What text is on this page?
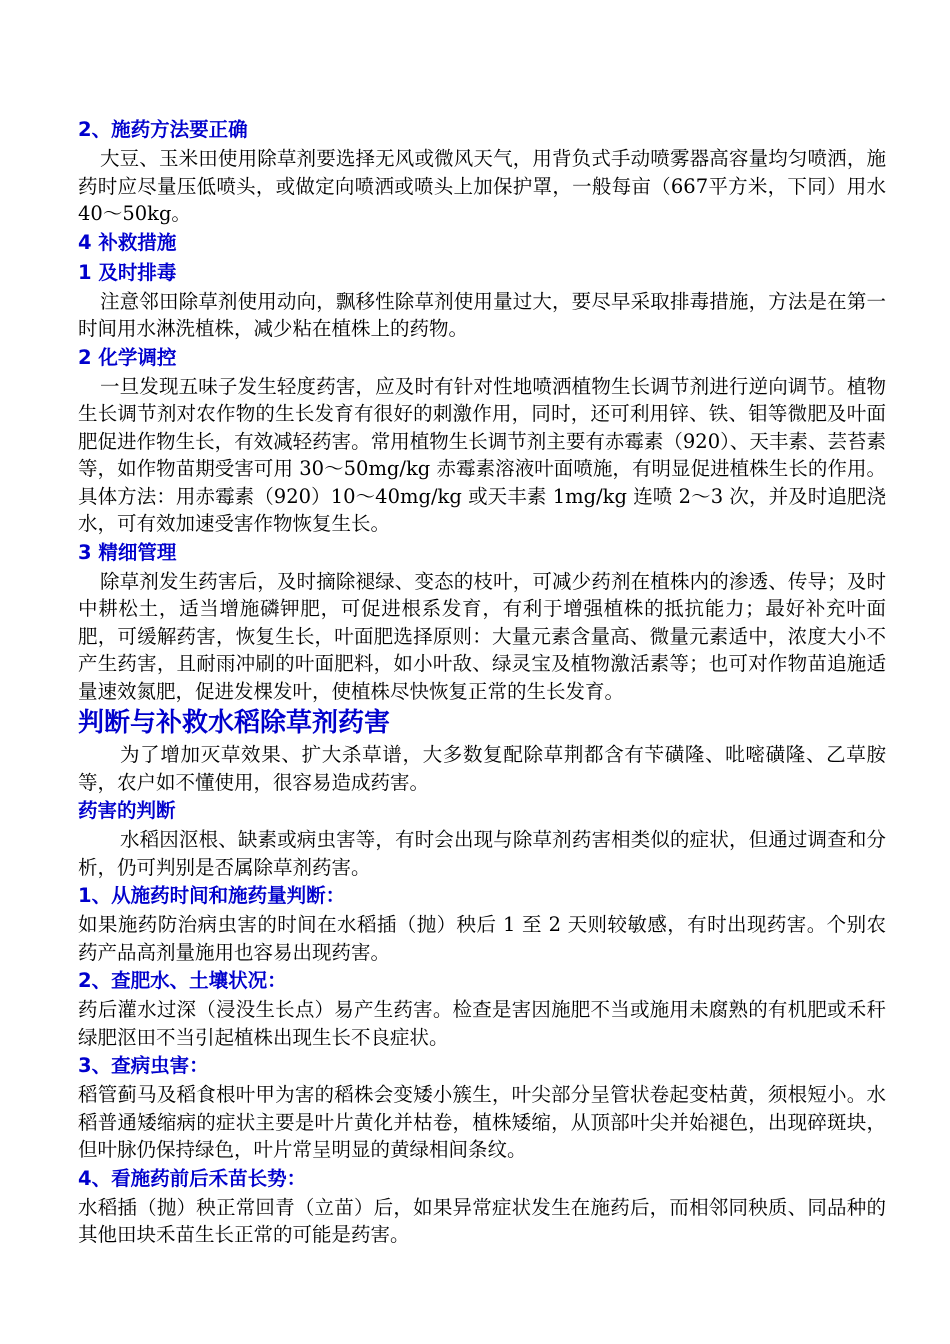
2、施药方法要正确

大豆、玉米田使用除草剂要选择无风或微风天气，用背负式手动喷雾器高容量均匀喷洒，施药时应尽量压低喷头，或做定向喷洒或喷头上加保护罩，一般每亩（667平方米，下同）用水 40～50kg。

4 补救措施

1 及时排毒

注意邻田除草剂使用动向，飘移性除草剂使用量过大，要尽早采取排毒措施，方法是在第一时间用水淋洗植株，减少粘在植株上的药物。

2 化学调控

一旦发现五味子发生轻度药害，应及时有针对性地喷洒植物生长调节剂进行逆向调节。植物生长调节剂对农作物的生长发育有很好的刺激作用，同时，还可利用锌、铁、钼等微肥及叶面肥促进作物生长，有效减轻药害。常用植物生长调节剂主要有赤霉素（920）、天丰素、芸苔素等，如作物苗期受害可用 30～50mg/kg 赤霉素溶液叶面喷施，有明显促进植株生长的作用。具体方法：用赤霉素（920）10～40mg/kg 或天丰素 1mg/kg 连喷 2～3 次，并及时追肥浇水，可有效加速受害作物恢复生长。

3 精细管理

除草剂发生药害后，及时摘除褪绿、变态的枝叶，可减少药剂在植株内的渗透、传导；及时中耕松土，适当增施磷钾肥，可促进根系发育，有利于增强植株的抵抗能力；最好补充叶面肥，可缓解药害，恢复生长，叶面肥选择原则：大量元素含量高、微量元素适中，浓度大小不产生药害，且耐雨冲刷的叶面肥料，如小叶敌、绿灵宝及植物激活素等；也可对作物苗追施适量速效氮肥，促进发棵发叶，使植株尽快恢复正常的生长发育。

判断与补救水稻除草剂药害

为了增加灭草效果、扩大杀草谱，大多数复配除草荆都含有苄磺隆、吡嘧磺隆、乙草胺等，农户如不懂使用，很容易造成药害。

药害的判断

水稻因沤根、缺素或病虫害等，有时会出现与除草剂药害相类似的症状，但通过调查和分析，仍可判别是否属除草剂药害。

1、从施药时间和施药量判断：

如果施药防治病虫害的时间在水稻插（抛）秧后 1 至 2 天则较敏感，有时出现药害。个别农药产品高剂量施用也容易出现药害。

2、查肥水、土壤状况：

药后灌水过深（浸没生长点）易产生药害。检查是害因施肥不当或施用未腐熟的有机肥或禾秆绿肥沤田不当引起植株出现生长不良症状。

3、查病虫害：

稻管蓟马及稻食根叶甲为害的稻株会变矮小簇生，叶尖部分呈管状卷起变枯黄，须根短小。水稻普通矮缩病的症状主要是叶片黄化并枯卷，植株矮缩，从顶部叶尖并始褪色，出现碎斑块，但叶脉仍保持绿色，叶片常呈明显的黄绿相间条纹。

4、看施药前后禾苗长势：

水稻插（抛）秧正常回青（立苗）后，如果异常症状发生在施药后，而相邻同秧质、同品种的其他田块禾苗生长正常的可能是药害。
